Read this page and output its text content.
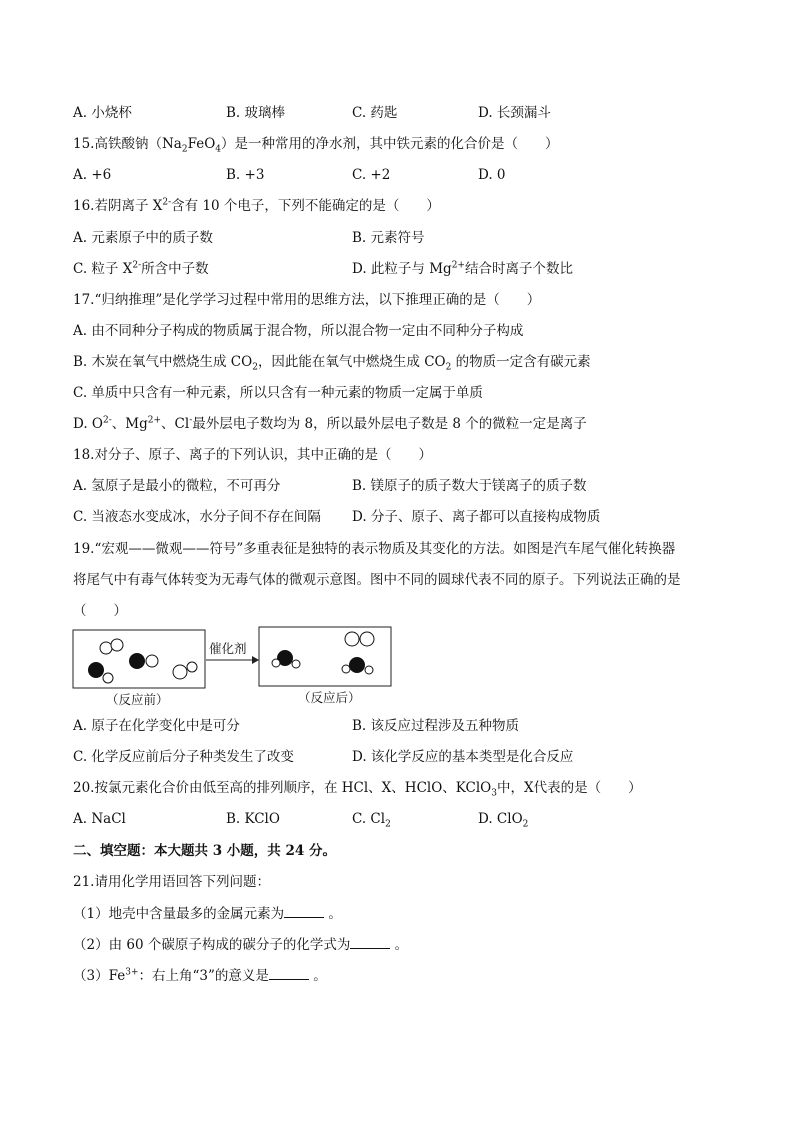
A. 小烧杯	B. 玻璃棒	C. 药匙	D. 长颈漏斗
15.高铁酸钠$(Na_2FeO_4)$是一种常用的净水剂，其中铁元素的化合价是（　　）
A. +6	B. +3	C. +2	D. 0
16.若阴离子 $X^{2-}$含有 10 个电子，下列不能确定的是（　　）
A. 元素原子中的质子数	B. 元素符号
C. 粒子 $X^{2-}$所含中子数	D. 此粒子与 $Mg^{2+}$结合时离子个数比
17.“归纳推理”是化学学习过程中常用的思维方法，以下推理正确的是（　　）
A. 由不同种分子构成的物质属于混合物，所以混合物一定由不同种分子构成
B. 木炭在氧气中燃烧生成 $CO_2$，因此能在氧气中燃烧生成 $CO_2$ 的物质一定含有碳元素
C. 单质中只含有一种元素，所以只含有一种元素的物质一定属于单质
D. $O^{2-}$、$Mg^{2+}$、Cl-最外层电子数均为 8，所以最外层电子数是 8 个的微粒一定是离子
18.对分子、原子、离子的下列认识，其中正确的是（　　）
A. 氢原子是最小的微粒，不可再分	B. 镁原子的质子数大于镁离子的质子数
C. 当液态水变成冰，水分子间不存在间隔 D. 分子、原子、离子都可以直接构成物质
19.“宏观——微观——符号”多重表征是独特的表示物质及其变化的方法。如图是汽车尾气催化转换器
将尾气中有毒气体转变为无毒气体的微观示意图。图中不同的圆球代表不同的原子。下列说法正确的是
（　　）
催化剂
（反应前）	（反应后）
A. 原子在化学变化中是可分	B. 该反应过程涉及五种物质
C. 化学反应前后分子种类发生了改变	D. 该化学反应的基本类型是化合反应
20.按氯元素化合价由低至高的排列顺序，在 HCl、X、HClO、KClO$_3$中，X代表的是（　　）
A. NaCl	B. KClO	C. $Cl_2$	D. ClO$_2$
二、填空题：本大题共 3 小题，共 24 分。
21.请用化学用语回答下列问题：
（1）地壳中含量最多的金属元素为	。
（2）由 60 个碳原子构成的碳分子的化学式为	。
$(3)Fe^{3+}$：右上角“3”的意义是	。
